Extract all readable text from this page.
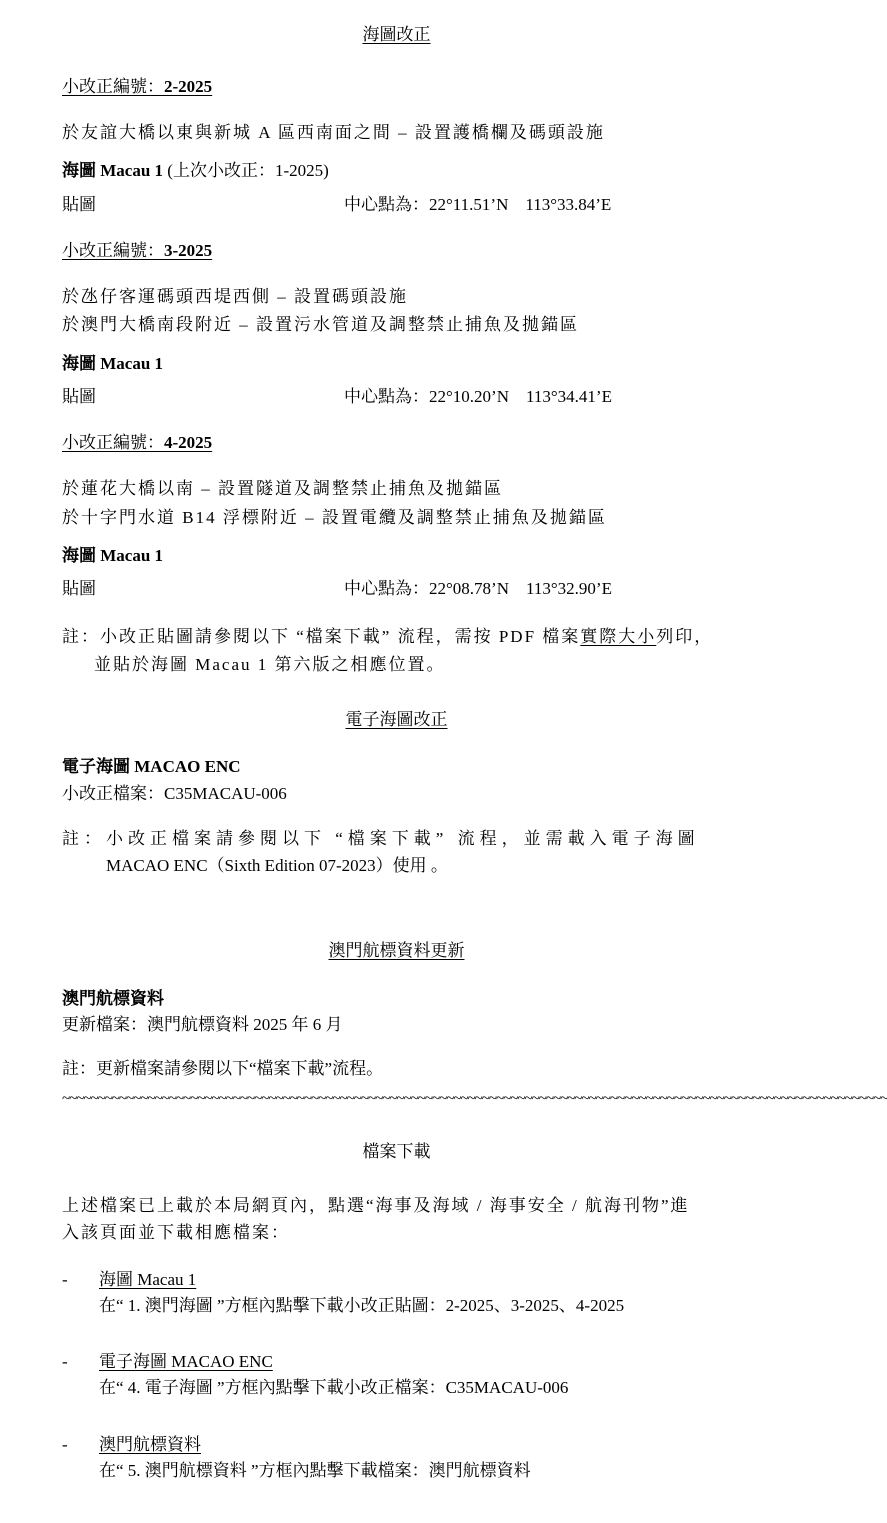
海圖改正
小改正編號：2-2025
於友誼大橋以東與新城 A 區西南面之間 – 設置護橋欄及碼頭設施
海圖 Macau 1 (上次小改正：1-2025)
貼圖	中心點為：22°11.51’N　113°33.84’E
小改正編號：3-2025
於氹仔客運碼頭西堤西側 – 設置碼頭設施
於澳門大橋南段附近 – 設置污水管道及調整禁止捕魚及拋錨區
海圖 Macau 1
貼圖	中心點為：22°10.20’N　113°34.41’E
小改正編號：4-2025
於蓮花大橋以南 – 設置隧道及調整禁止捕魚及拋錨區
於十字門水道 B14 浮標附近 – 設置電纜及調整禁止捕魚及拋錨區
海圖 Macau 1
貼圖	中心點為：22°08.78’N　113°32.90’E
註：小改正貼圖請參閱以下 “檔案下載” 流程，需按 PDF 檔案實際大小列印，
並貼於海圖 Macau 1 第六版之相應位置。
電子海圖改正
電子海圖 MACAO ENC
小改正檔案：C35MACAU-006
註：小改正檔案請參閱以下 “檔案下載” 流程，並需載入電子海圖
MACAO ENC（Sixth Edition 07-2023）使用 。
澳門航標資料更新
澳門航標資料
更新檔案：澳門航標資料 2025 年 6 月
註：更新檔案請參閱以下“檔案下載”流程。
~~~~~~~~~~~~~~~~~~~~~~~~~~~~~~~~~~~~~~~~~~~~~~~~~~~~~~~~~~~~~~~~~~~~~~~~~~~~~~~~~~~~~~~~~~~~~~~~~~~~~~~~~~~~~~~~~~~~
檔案下載
上述檔案已上載於本局網頁內，點選“海事及海域 / 海事安全 / 航海刊物”進
入該頁面並下載相應檔案：
- 海圖 Macau 1
在“ 1. 澳門海圖 ”方框內點擊下載小改正貼圖：2-2025、3-2025、4-2025
- 電子海圖 MACAO ENC
在“ 4. 電子海圖 ”方框內點擊下載小改正檔案：C35MACAU-006
- 澳門航標資料
在“ 5. 澳門航標資料 ”方框內點擊下載檔案：澳門航標資料
